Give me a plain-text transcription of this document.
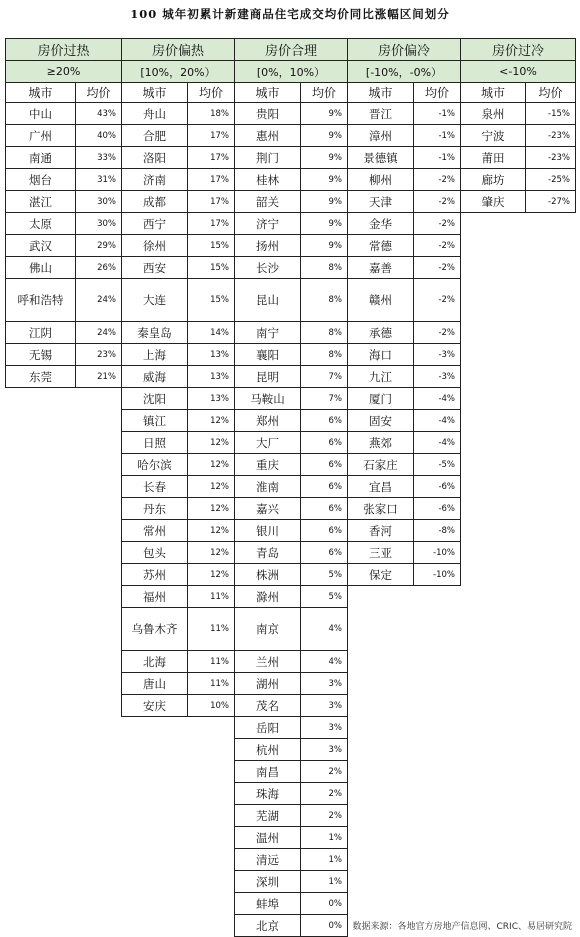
100 城年初累计新建商品住宅成交均价同比涨幅区间划分
房价过热
≥20%
城市	均价
中山	43%
广州	40%
南通	33%
烟台	31%
湛江	30%
太原	30%
武汉	29%
佛山	26%
呼和浩特	24%
江阴	24%
无锡	23%
东莞	21%
房价偏热
[10%，20%）
城市	均价
舟山	18%
合肥	17%
洛阳	17%
济南	17%
成都	17%
西宁	17%
徐州	15%
西安	15%
大连	15%
秦皇岛	14%
上海	13%
威海	13%
沈阳	13%
镇江	12%
日照	12%
哈尔滨	12%
长春	12%
丹东	12%
常州	12%
包头	12%
苏州	12%
福州	11%
乌鲁木齐	11%
北海	11%
唐山	11%
安庆	10%
房价合理
[0%，10%）
城市	均价
贵阳	9%
惠州	9%
荆门	9%
桂林	9%
韶关	9%
济宁	9%
扬州	9%
长沙	8%
昆山	8%
南宁	8%
襄阳	8%
昆明	7%
马鞍山	7%
郑州	6%
大厂	6%
重庆	6%
淮南	6%
嘉兴	6%
银川	6%
青岛	6%
株洲	5%
滁州	5%
南京	4%
兰州	4%
湖州	3%
茂名	3%
岳阳	3%
杭州	3%
南昌	2%
珠海	2%
芜湖	2%
温州	1%
清远	1%
深圳	1%
蚌埠	0%
北京	0%
房价偏冷
[-10%，-0%）
城市	均价
晋江	-1%
漳州	-1%
景德镇	-1%
柳州	-2%
天津	-2%
金华	-2%
常德	-2%
嘉善	-2%
赣州	-2%
承德	-2%
海口	-3%
九江	-3%
厦门	-4%
固安	-4%
燕郊	-4%
石家庄	-5%
宜昌	-6%
张家口	-6%
香河	-8%
三亚	-10%
保定	-10%
房价过冷
<-10%
城市	均价
泉州	-15%
宁波	-23%
莆田	-23%
廊坊	-25%
肇庆	-27%
数据来源：各地官方房地产信息网、CRIC、易居研究院
